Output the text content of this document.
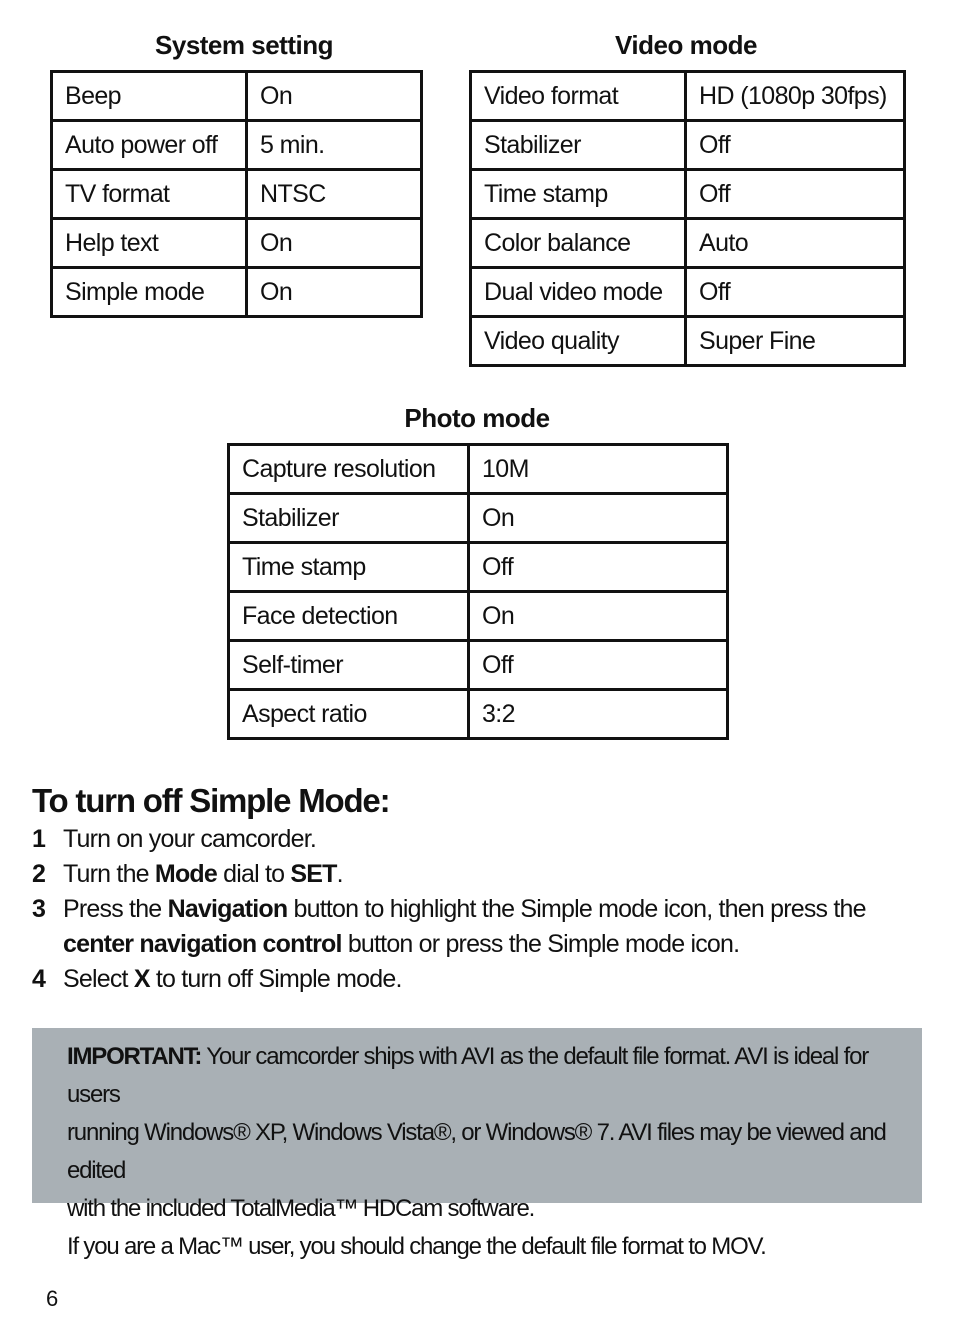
System setting
Beep	On
Auto power off	5 min.
TV format	NTSC
Help text	On
Simple mode	On
Video mode
Video format	HD (1080p 30fps)
Stabilizer	Off
Time stamp	Off
Color balance	Auto
Dual video mode	Off
Video quality	Super Fine
Photo mode
Capture resolution	10M
Stabilizer	On
Time stamp	Off
Face detection	On
Self-timer	Off
Aspect ratio	3:2
To turn off Simple Mode:
1 Turn on your camcorder.
2 Turn the Mode dial to SET.
3 Press the Navigation button to highlight the Simple mode icon, then press the
center navigation control button or press the Simple mode icon.
4 Select X to turn off Simple mode.
IMPORTANT: Your camcorder ships with AVI as the default file format. AVI is ideal for users
running Windows® XP, Windows Vista®, or Windows® 7. AVI files may be viewed and edited
with the included TotalMedia™ HDCam software.
If you are a Mac™ user, you should change the default file format to MOV.
6
